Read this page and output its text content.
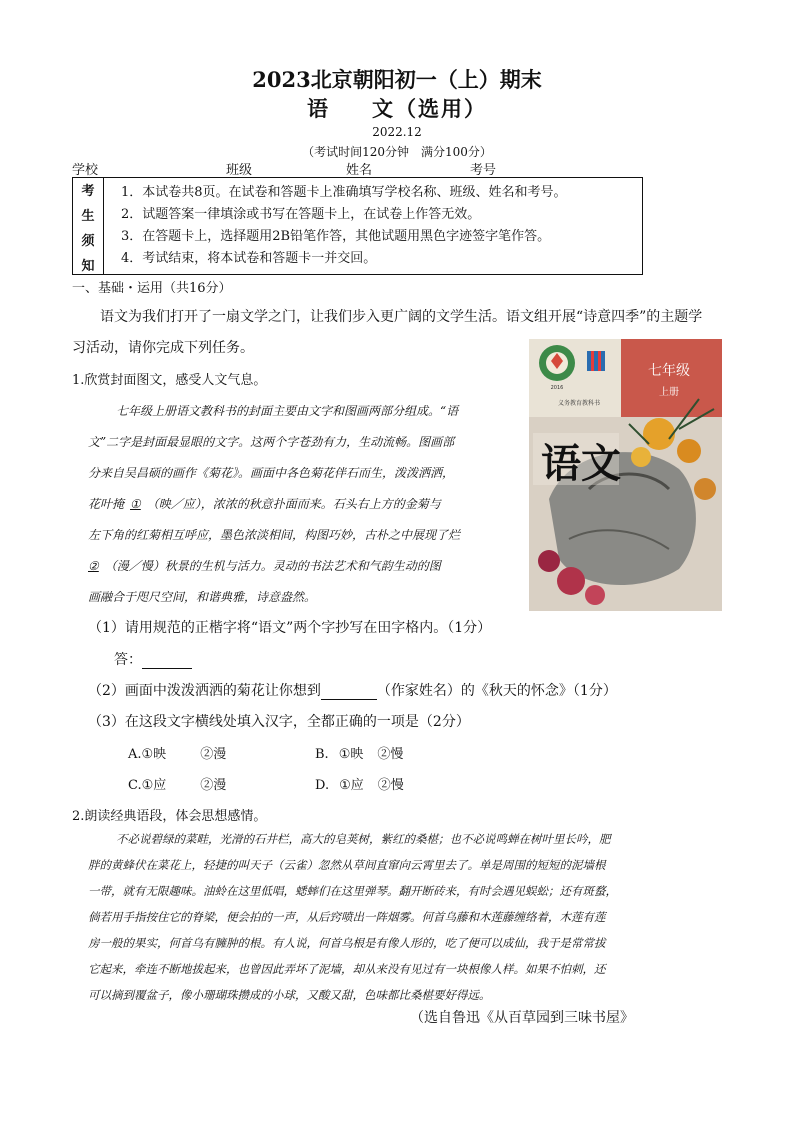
2023北京朝阳初一（上）期末
语 文（选用）
2022.12
（考试时间120分钟　满分100分）
学校	班级	姓名	考号
考
生
须
知
1．本试卷共8页。在试卷和答题卡上准确填写学校名称、班级、姓名和考号。
2．试题答案一律填涂或书写在答题卡上，在试卷上作答无效。
3．在答题卡上，选择题用2B铅笔作答，其他试题用黑色字迹签字笔作答。
4．考试结束，将本试卷和答题卡一并交回。
一、基础・运用（共16分）
语文为我们打开了一扇文学之门，让我们步入更广阔的文学生活。语文组开展“诗意四季”的主题学
习活动，请你完成下列任务。
1.欣赏封面图文，感受人文气息。
七年级上册语文教科书的封面主要由文字和图画两部分组成。“语
文”二字是封面最显眼的文字。这两个字苍劲有力，生动流畅。图画部
分来自吴昌硕的画作《菊花》。画面中各色菊花伴石而生，泼泼洒洒，
花叶掩 ① （映／应），浓浓的秋意扑面而来。石头右上方的金菊与
左下角的红菊相互呼应，墨色浓淡相间，构图巧妙，古朴之中展现了烂
② （漫／慢）秋景的生机与活力。灵动的书法艺术和气韵生动的图
画融合于咫尺空间，和谐典雅，诗意盎然。
语文
七年级
上册
义务教育教科书
2016
（1）请用规范的正楷字将“语文”两个字抄写在田字格内。（1分）
答：
（2）画面中泼泼洒洒的菊花让你想到	（作家姓名）的《秋天的怀念》（1分）
（3）在这段文字横线处填入汉字，全都正确的一项是（2分）
A.①映	②漫	B. ①映 ②慢
C.①应	②漫	D. ①应 ②慢
2.朗读经典语段，体会思想感情。
不必说碧绿的菜畦，光滑的石井栏，高大的皂荚树，紫红的桑椹；也不必说鸣蝉在树叶里长吟，肥
胖的黄蜂伏在菜花上，轻捷的叫天子（云雀）忽然从草间直窜向云霄里去了。单是周围的短短的泥墙根
一带，就有无限趣味。油蛉在这里低唱，蟋蟀们在这里弹琴。翻开断砖来，有时会遇见蜈蚣；还有斑蝥，
倘若用手指按住它的脊梁，便会拍的一声，从后窍喷出一阵烟雾。何首乌藤和木莲藤缠络着，木莲有莲
房一般的果实，何首乌有臃肿的根。有人说，何首乌根是有像人形的，吃了便可以成仙，我于是常常拔
它起来，牵连不断地拔起来，也曾因此弄坏了泥墙，却从来没有见过有一块根像人样。如果不怕刺，还
可以摘到覆盆子，像小珊瑚珠攒成的小球，又酸又甜，色味都比桑椹要好得远。
（选自鲁迅《从百草园到三味书屋》
